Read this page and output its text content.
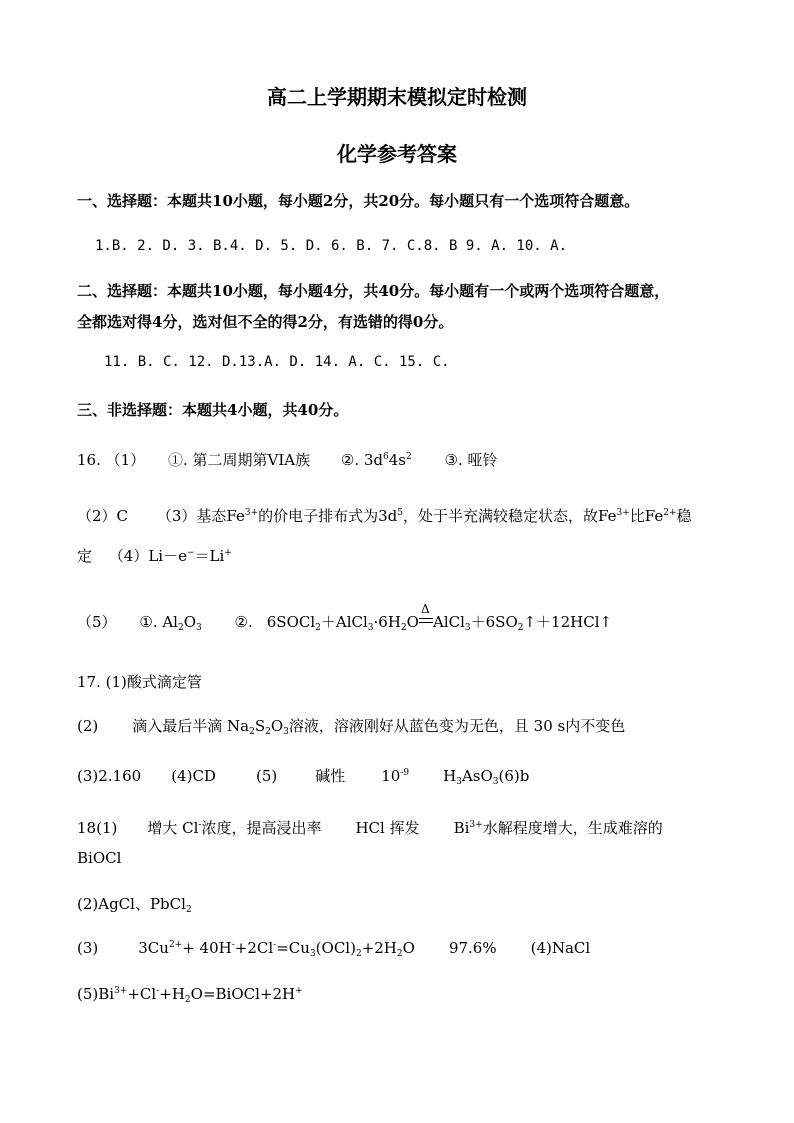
高二上学期期末模拟定时检测
化学参考答案
一、选择题：本题共10小题，每小题2分，共20分。每小题只有一个选项符合题意。
1.B. 2. D. 3. B.4. D. 5. D. 6. B. 7. C.8. B 9. A. 10. A.
二、选择题：本题共10小题，每小题4分，共40分。每小题有一个或两个选项符合题意，
全都选对得4分，选对但不全的得2分，有选错的得0分。
11. B. C. 12. D.13.A. D. 14. A. C. 15. C.
三、非选择题：本题共4小题，共40分。
16. （1） ①. 第二周期第VIA族 ②. $3d^64s^2$ ③. 哑铃
（2）C （3）基态$Fe^{3+}$的价电子排布式为$3d^5$，处于半充满较稳定状态，故$Fe^{3+}$比$Fe^{2+}$稳
定 （4）Li－e−＝Li+
（5） ①. $Al_2O_3$ ②. $6SOCl_2+AlCl_3\cdot 6H_2O$
Δ
$AlCl_3+6SO_2↑+12HCl↑$
17. (1)酸式滴定管
(2) 滴入最后半滴 $Na_2S_2O_3$溶液，溶液刚好从蓝色变为无色，且 30 s内不变色
(3)2.160 (4)CD	(5)	碱性 $10^{-9}$ $H_3AsO_3(6)b$
18(1) 增大 Cl-浓度，提高浸出率 HCl 挥发 $Bi^{3+}$水解程度增大，生成难溶的
BiOCl
(2)AgCl、PbCl$_2$
(3)	$3Cu^{2+}+ 40H^-+2Cl^-=Cu_3(OCl)_2+2H_2O$ 97.6% (4)NaCl
$(5)Bi^{3+}+Cl^-+H_2O=BiOCl+2H^+$
